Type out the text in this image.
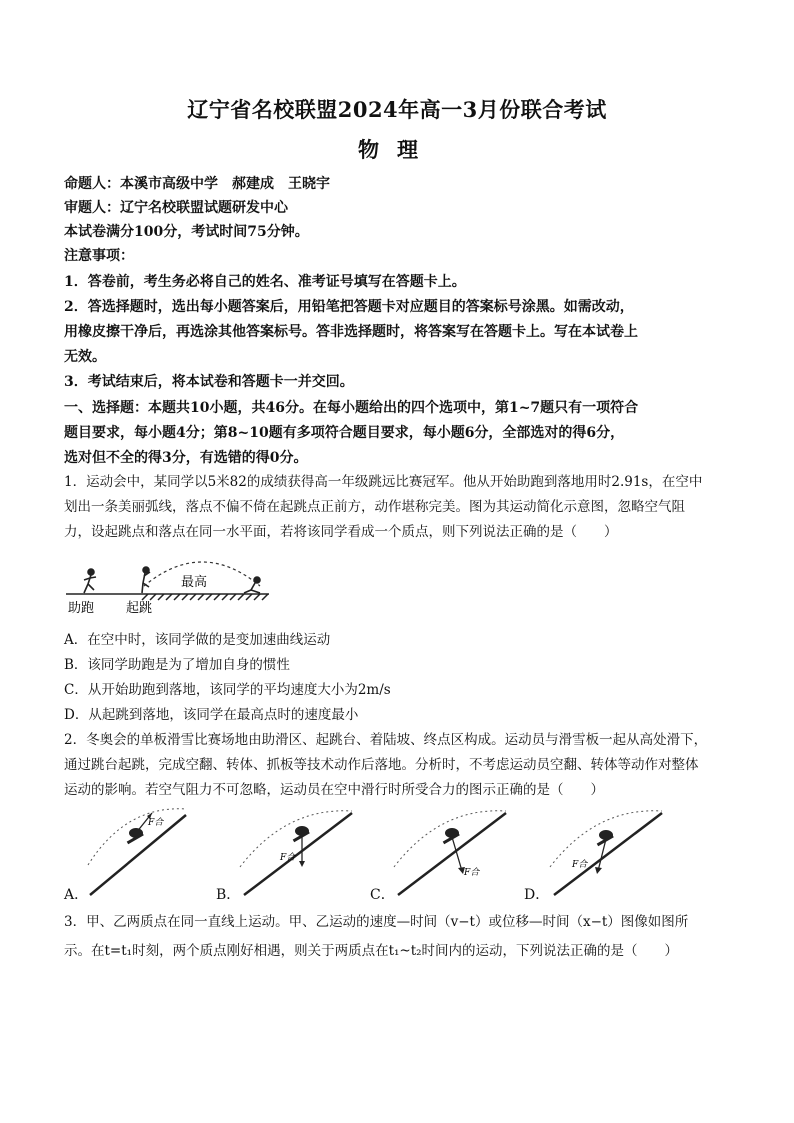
辽宁省名校联盟2024年高一3月份联合考试
物理
命题人：本溪市高级中学　郝建成　王晓宇
审题人：辽宁名校联盟试题研发中心
本试卷满分100分，考试时间75分钟。
注意事项：
1．答卷前，考生务必将自己的姓名、准考证号填写在答题卡上。
2．答选择题时，选出每小题答案后，用铅笔把答题卡对应题目的答案标号涂黑。如需改动，
用橡皮擦干净后，再选涂其他答案标号。答非选择题时，将答案写在答题卡上。写在本试卷上
无效。
3．考试结束后，将本试卷和答题卡一并交回。
一、选择题：本题共10小题，共46分。在每小题给出的四个选项中，第1~7题只有一项符合
题目要求，每小题4分；第8~10题有多项符合题目要求，每小题6分，全部选对的得6分，
选对但不全的得3分，有选错的得0分。
1．运动会中，某同学以5米82的成绩获得高一年级跳远比赛冠军。他从开始助跑到落地用时2.91s，在空中
划出一条美丽弧线，落点不偏不倚在起跳点正前方，动作堪称完美。图为其运动简化示意图，忽略空气阻
力，设起跳点和落点在同一水平面，若将该同学看成一个质点，则下列说法正确的是（　　）
最高
助跑 起跳
A．在空中时，该同学做的是变加速曲线运动
B．该同学助跑是为了增加自身的惯性
C．从开始助跑到落地，该同学的平均速度大小为2m/s
D．从起跳到落地，该同学在最高点时的速度最小
2．冬奥会的单板滑雪比赛场地由助滑区、起跳台、着陆坡、终点区构成。运动员与滑雪板一起从高处滑下，
通过跳台起跳，完成空翻、转体、抓板等技术动作后落地。分析时，不考虑运动员空翻、转体等动作对整体
运动的影响。若空气阻力不可忽略，运动员在空中滑行时所受合力的图示正确的是（　　）
F合
A．
F合
B．
F合
C．
F合
D．
3．甲、乙两质点在同一直线上运动。甲、乙运动的速度—时间（v−t）或位移—时间（x−t）图像如图所
示。在t=t₁时刻，两个质点刚好相遇，则关于两质点在t₁~t₂时间内的运动，下列说法正确的是（　　）
